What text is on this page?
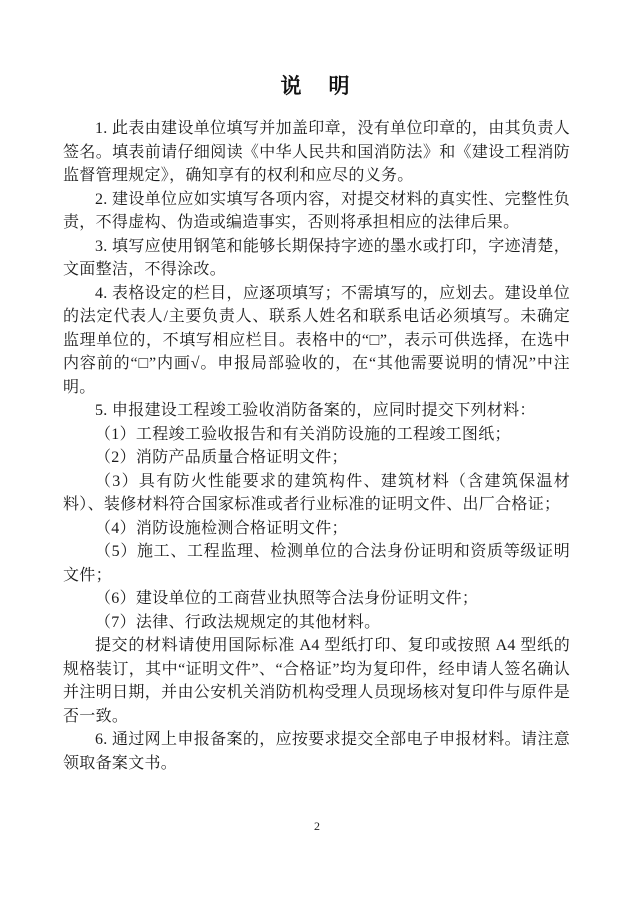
说　明

1. 此表由建设单位填写并加盖印章，没有单位印章的，由其负责人签名。填表前请仔细阅读《中华人民共和国消防法》和《建设工程消防监督管理规定》，确知享有的权利和应尽的义务。

2. 建设单位应如实填写各项内容，对提交材料的真实性、完整性负责，不得虚构、伪造或编造事实，否则将承担相应的法律后果。

3. 填写应使用钢笔和能够长期保持字迹的墨水或打印，字迹清楚，文面整洁，不得涂改。

4. 表格设定的栏目，应逐项填写；不需填写的，应划去。建设单位的法定代表人/主要负责人、联系人姓名和联系电话必须填写。未确定监理单位的，不填写相应栏目。表格中的“□”，表示可供选择，在选中内容前的“□”内画√。申报局部验收的，在“其他需要说明的情况”中注明。

5. 申报建设工程竣工验收消防备案的，应同时提交下列材料：

（1）工程竣工验收报告和有关消防设施的工程竣工图纸；

（2）消防产品质量合格证明文件；

（3）具有防火性能要求的建筑构件、建筑材料（含建筑保温材料）、装修材料符合国家标准或者行业标准的证明文件、出厂合格证；

（4）消防设施检测合格证明文件；

（5）施工、工程监理、检测单位的合法身份证明和资质等级证明文件；

（6）建设单位的工商营业执照等合法身份证明文件；

（7）法律、行政法规规定的其他材料。

提交的材料请使用国际标准 A4 型纸打印、复印或按照 A4 型纸的规格装订，其中“证明文件”、“合格证”均为复印件，经申请人签名确认并注明日期，并由公安机关消防机构受理人员现场核对复印件与原件是否一致。

6. 通过网上申报备案的，应按要求提交全部电子申报材料。请注意领取备案文书。

2
